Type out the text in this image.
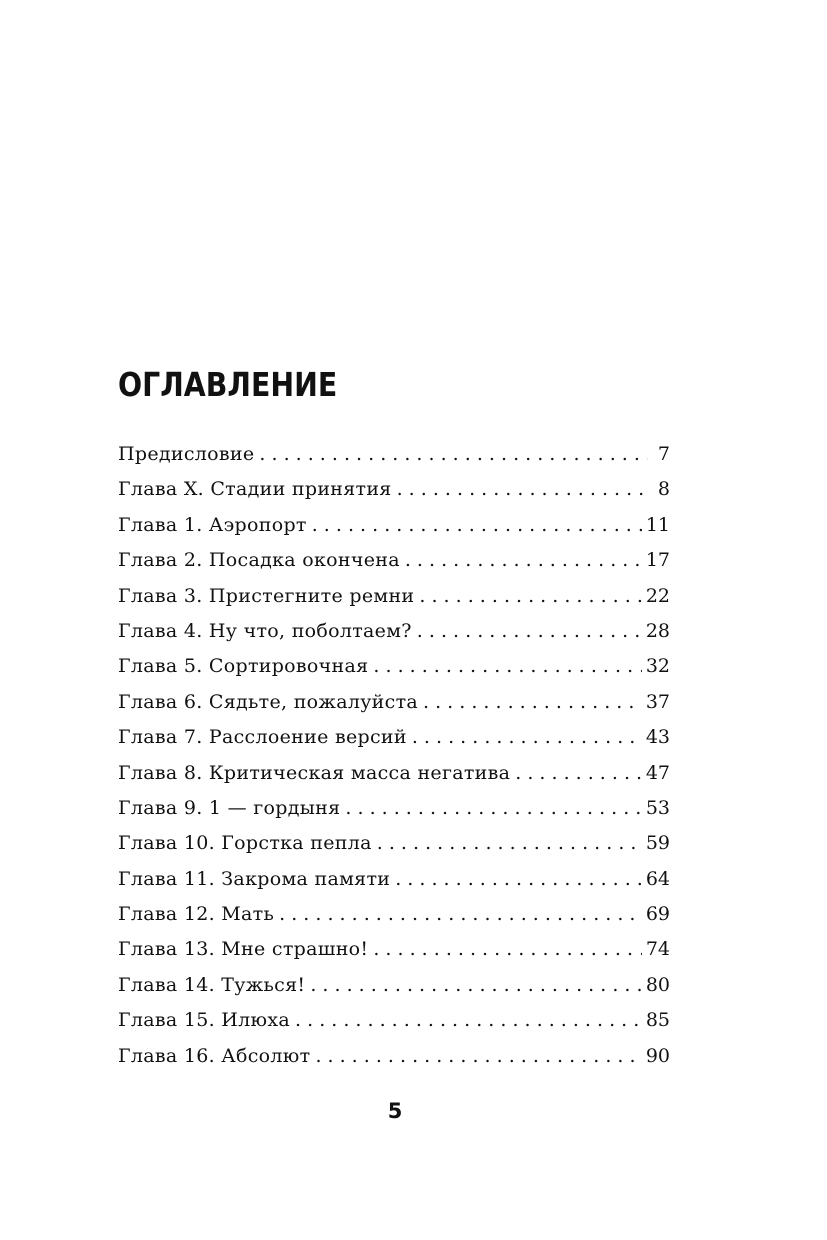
ОГЛАВЛЕНИЕ
Предисловие . . .	7
Глава X. Стадии принятия . . .	8
Глава 1. Аэропорт . . .	11
Глава 2. Посадка окончена . . .	17
Глава 3. Пристегните ремни . . .	22
Глава 4. Ну что, поболтаем? . . .	28
Глава 5. Сортировочная . . .	32
Глава 6. Сядьте, пожалуйста . . .	37
Глава 7. Расслоение версий . . .	43
Глава 8. Критическая масса негатива . . .	47
Глава 9. 1 — гордыня . . .	53
Глава 10. Горстка пепла . . .	59
Глава 11. Закрома памяти . . .	64
Глава 12. Мать . . .	69
Глава 13. Мне страшно! . . .	74
Глава 14. Тужься! . . .	80
Глава 15. Илюха . . .	85
Глава 16. Абсолют . . .	90
5
